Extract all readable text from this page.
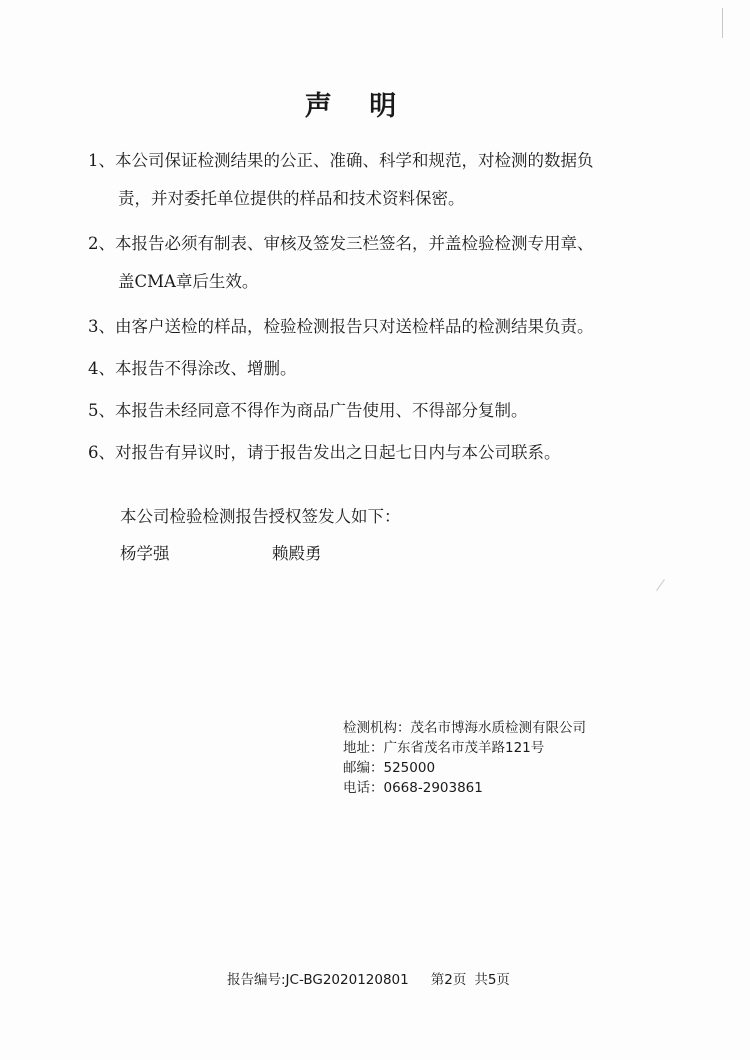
声 明
1、本公司保证检测结果的公正、准确、科学和规范，对检测的数据负
责，并对委托单位提供的样品和技术资料保密。
2、本报告必须有制表、审核及签发三栏签名，并盖检验检测专用章、
盖CMA章后生效。
3、由客户送检的样品，检验检测报告只对送检样品的检测结果负责。
4、本报告不得涂改、增删。
5、本报告未经同意不得作为商品广告使用、不得部分复制。
6、对报告有异议时，请于报告发出之日起七日内与本公司联系。
本公司检验检测报告授权签发人如下：
杨学强	赖殿勇
检测机构：茂名市博海水质检测有限公司
地址：广东省茂名市茂羊路121号
邮编：525000
电话：0668-2903861
报告编号:JC-BG2020120801 第2页 共5页
